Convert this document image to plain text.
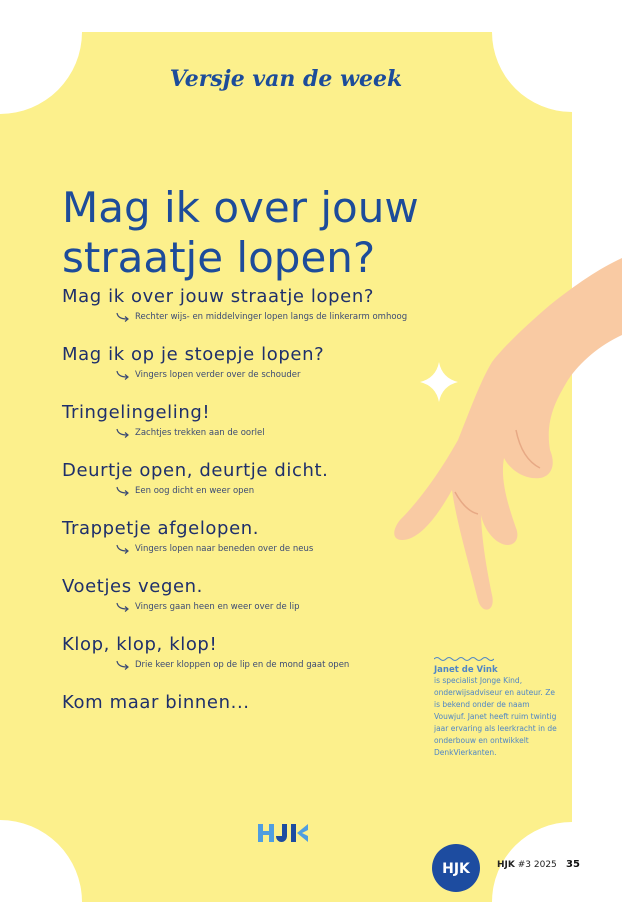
Versje van de week
Mag ik over jouw straatje lopen?
Mag ik over jouw straatje lopen?
Rechter wijs- en middelvinger lopen langs de linkerarm omhoog
Mag ik op je stoepje lopen?
Vingers lopen verder over de schouder
Tringelingeling!
Zachtjes trekken aan de oorlel
Deurtje open, deurtje dicht.
Een oog dicht en weer open
Trappetje afgelopen.
Vingers lopen naar beneden over de neus
Voetjes vegen.
Vingers gaan heen en weer over de lip
Klop, klop, klop!
Drie keer kloppen op de lip en de mond gaat open
Kom maar binnen...
Janet de Vink
is specialist Jonge Kind, onderwijsadviseur en auteur. Ze is bekend onder de naam Vouwjuf. Janet heeft ruim twintig jaar ervaring als leerkracht in de onderbouw en ontwikkelt DenkVierkanten.
HJK	HJK #3 2025 35
